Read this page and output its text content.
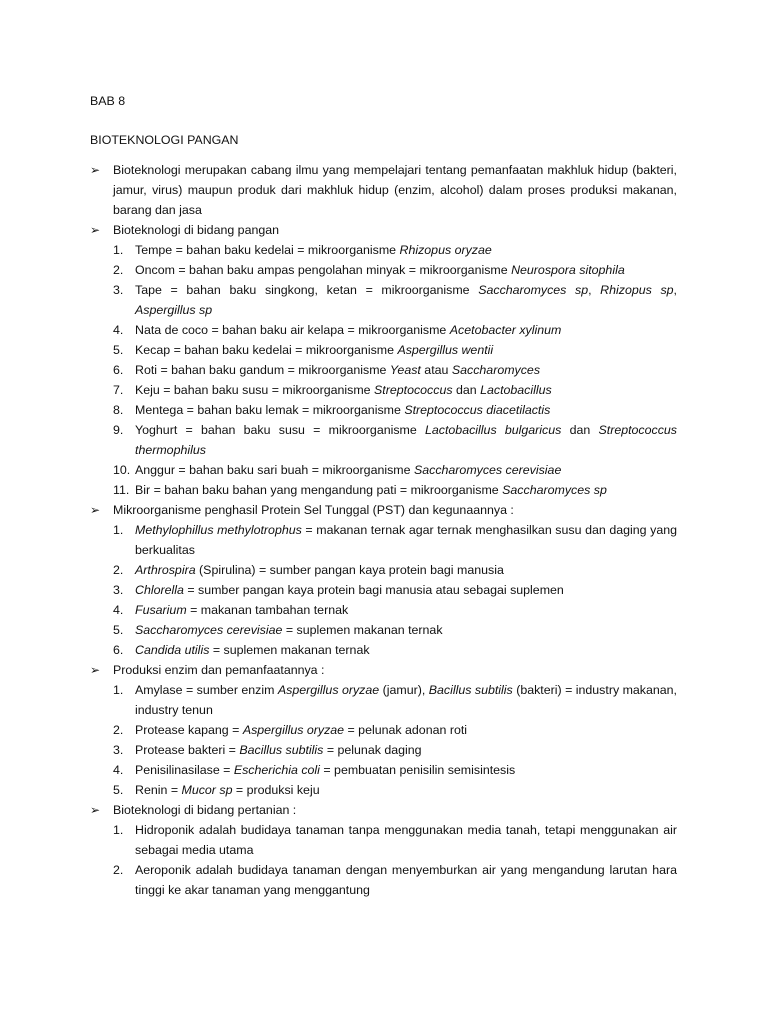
BAB 8
BIOTEKNOLOGI PANGAN
➢	Bioteknologi merupakan cabang ilmu yang mempelajari tentang pemanfaatan makhluk hidup (bakteri, jamur, virus) maupun produk dari makhluk hidup (enzim, alcohol) dalam proses produksi makanan, barang dan jasa
➢	Bioteknologi di bidang pangan
1. Tempe = bahan baku kedelai = mikroorganisme Rhizopus oryzae
2. Oncom = bahan baku ampas pengolahan minyak = mikroorganisme Neurospora sitophila
3. Tape = bahan baku singkong, ketan = mikroorganisme Saccharomyces sp, Rhizopus sp, Aspergillus sp
4. Nata de coco = bahan baku air kelapa = mikroorganisme Acetobacter xylinum
5. Kecap = bahan baku kedelai = mikroorganisme Aspergillus wentii
6. Roti = bahan baku gandum = mikroorganisme Yeast atau Saccharomyces
7. Keju = bahan baku susu = mikroorganisme Streptococcus dan Lactobacillus
8. Mentega = bahan baku lemak = mikroorganisme Streptococcus diacetilactis
9. Yoghurt = bahan baku susu = mikroorganisme Lactobacillus bulgaricus dan Streptococcus thermophilus
10. Anggur = bahan baku sari buah = mikroorganisme Saccharomyces cerevisiae
11. Bir = bahan baku bahan yang mengandung pati = mikroorganisme Saccharomyces sp
➢	Mikroorganisme penghasil Protein Sel Tunggal (PST) dan kegunaannya :
1. Methylophillus methylotrophus = makanan ternak agar ternak menghasilkan susu dan daging yang berkualitas
2. Arthrospira (Spirulina) = sumber pangan kaya protein bagi manusia
3. Chlorella = sumber pangan kaya protein bagi manusia atau sebagai suplemen
4. Fusarium = makanan tambahan ternak
5. Saccharomyces cerevisiae = suplemen makanan ternak
6. Candida utilis = suplemen makanan ternak
➢	Produksi enzim dan pemanfaatannya :
1. Amylase = sumber enzim Aspergillus oryzae (jamur), Bacillus subtilis (bakteri) = industry makanan, industry tenun
2. Protease kapang = Aspergillus oryzae = pelunak adonan roti
3. Protease bakteri = Bacillus subtilis = pelunak daging
4. Penisilinasilase = Escherichia coli = pembuatan penisilin semisintesis
5. Renin = Mucor sp = produksi keju
➢	Bioteknologi di bidang pertanian :
1. Hidroponik adalah budidaya tanaman tanpa menggunakan media tanah, tetapi menggunakan air sebagai media utama
2. Aeroponik adalah budidaya tanaman dengan menyemburkan air yang mengandung larutan hara tinggi ke akar tanaman yang menggantung
